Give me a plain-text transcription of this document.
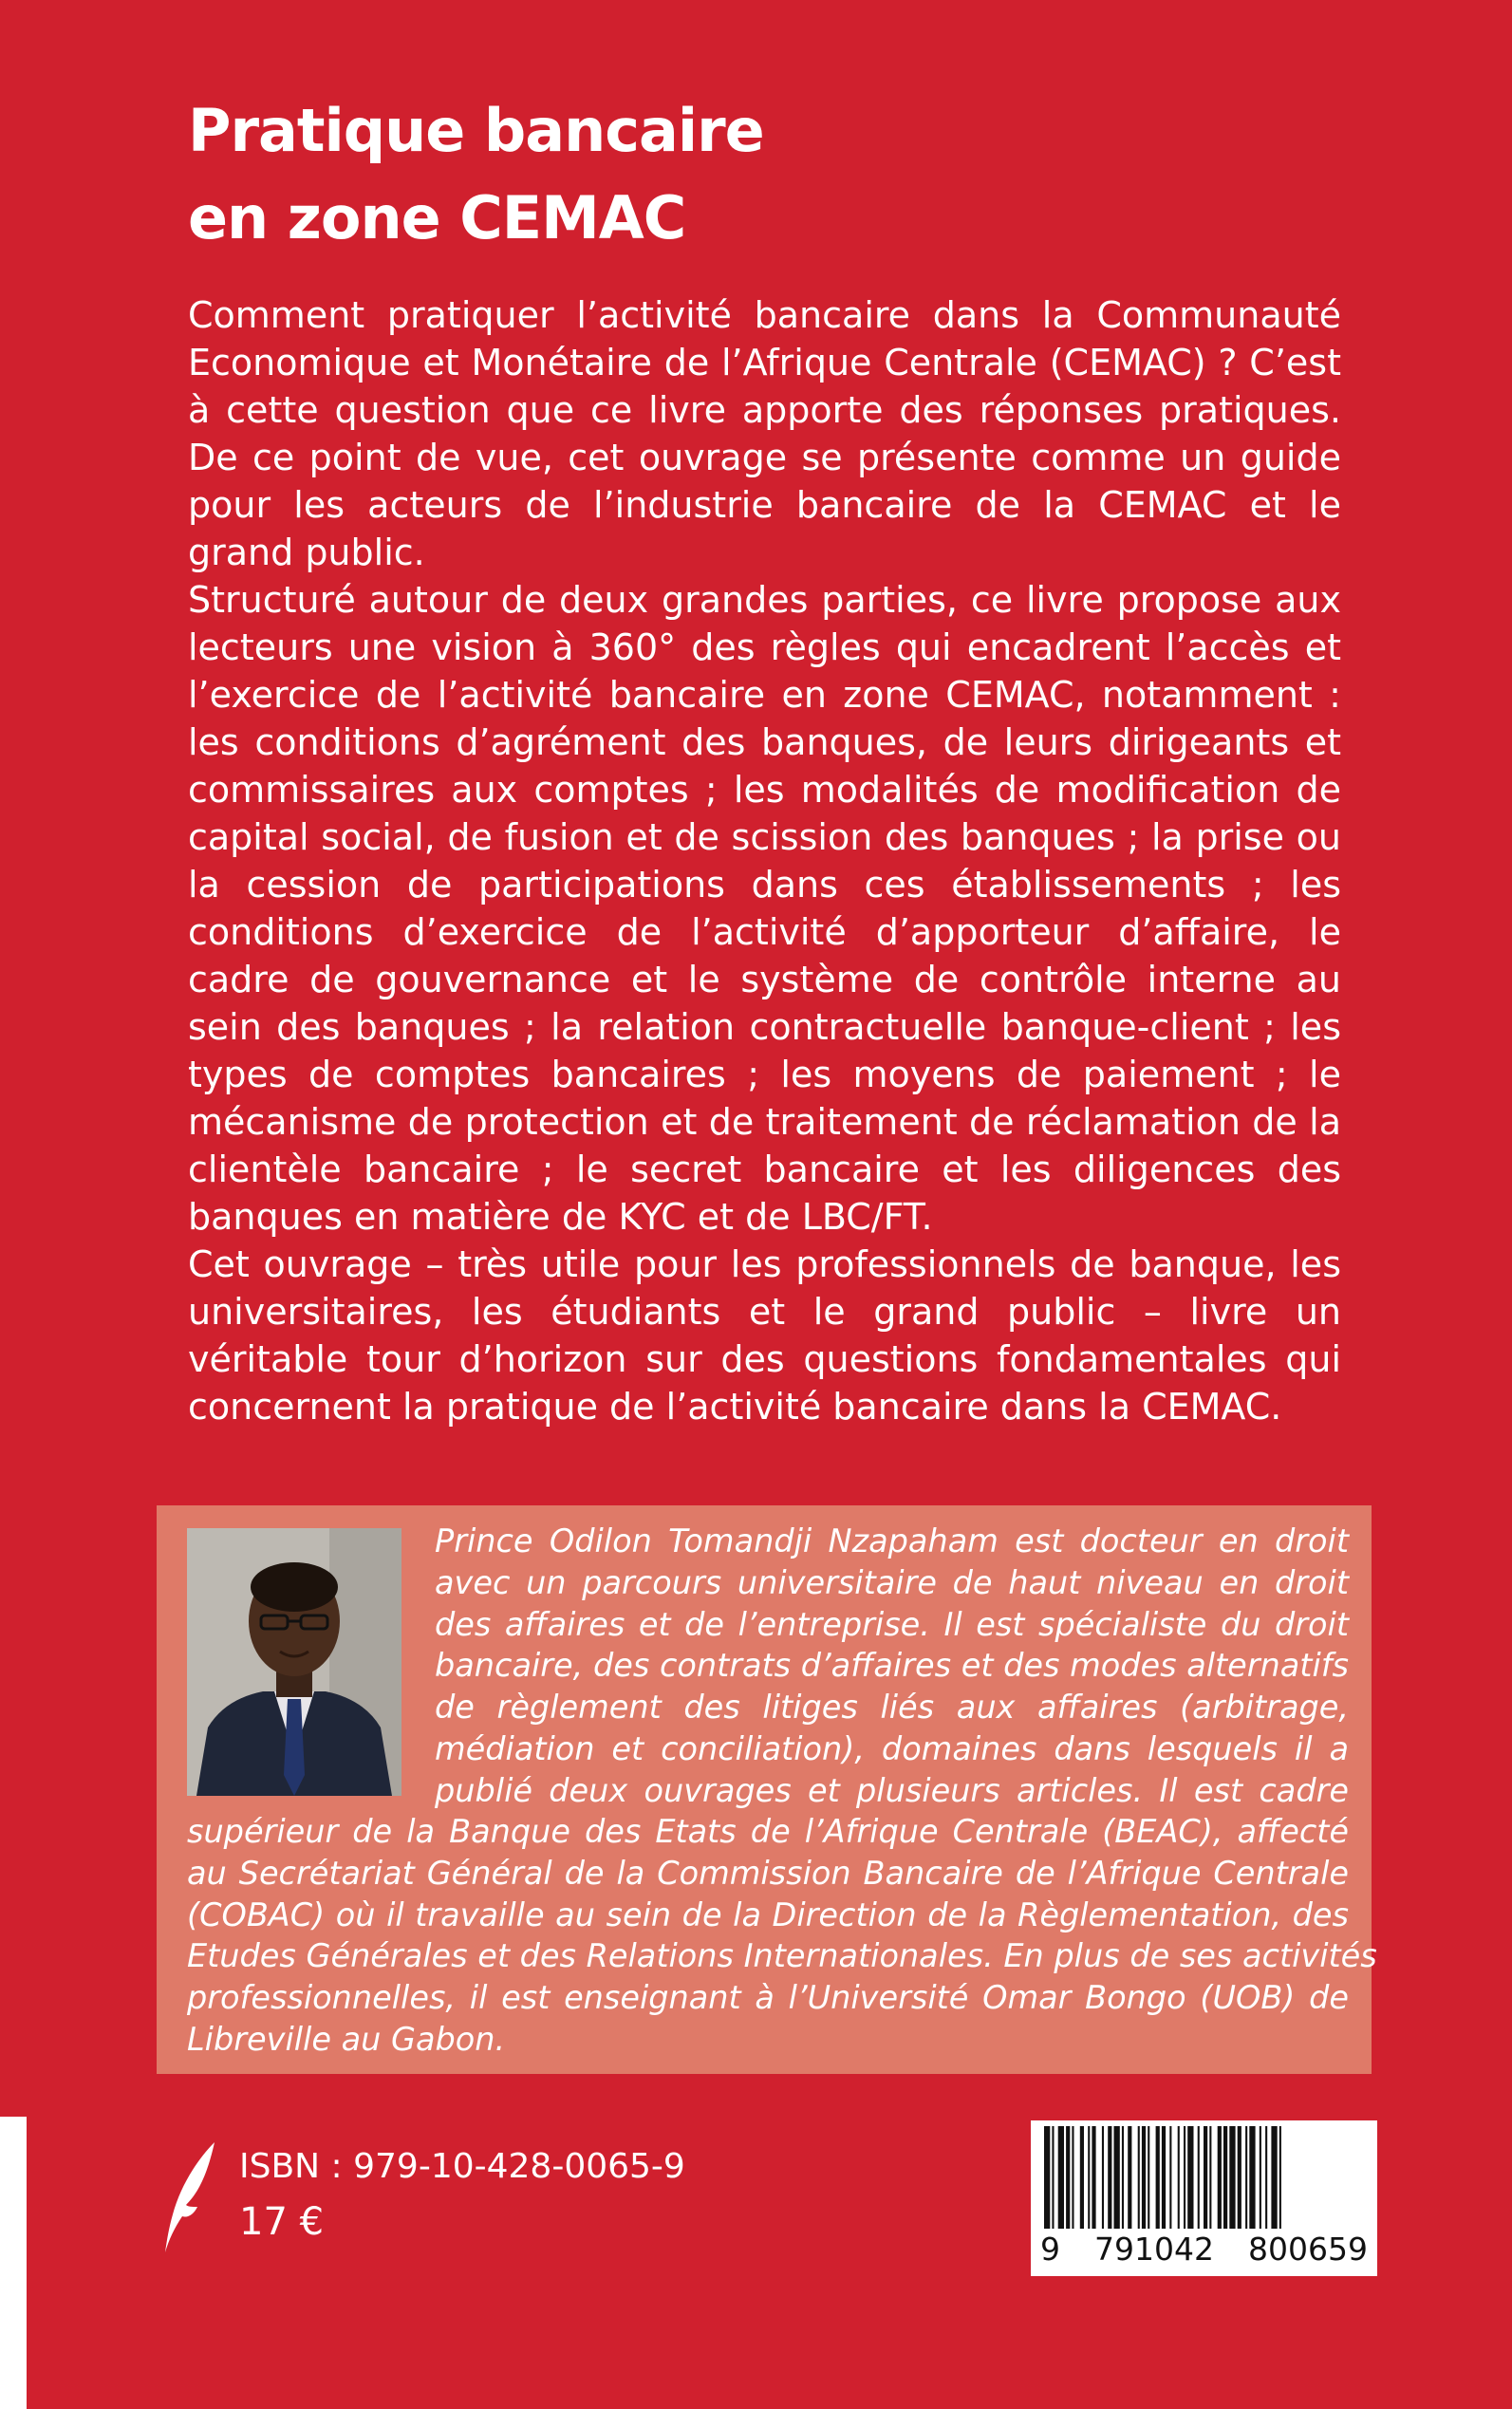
Pratique bancaire
en zone CEMAC

Comment pratiquer l’activité bancaire dans la Communauté Economique et Monétaire de l’Afrique Centrale (CEMAC) ? C’est à cette question que ce livre apporte des réponses pratiques. De ce point de vue, cet ouvrage se présente comme un guide pour les acteurs de l’industrie bancaire de la CEMAC et le grand public.

Structuré autour de deux grandes parties, ce livre propose aux lecteurs une vision à 360° des règles qui encadrent l’accès et l’exercice de l’activité bancaire en zone CEMAC, notamment : les conditions d’agrément des banques, de leurs dirigeants et commissaires aux comptes ; les modalités de modification de capital social, de fusion et de scission des banques ; la prise ou la cession de participations dans ces établissements ; les conditions d’exercice de l’activité d’apporteur d’affaire, le cadre de gouvernance et le système de contrôle interne au sein des banques ; la relation contractuelle banque-client ; les types de comptes bancaires ; les moyens de paiement ; le mécanisme de protection et de traitement de réclamation de la clientèle bancaire ; le secret bancaire et les diligences des banques en matière de KYC et de LBC/FT.

Cet ouvrage – très utile pour les professionnels de banque, les universitaires, les étudiants et le grand public – livre un véritable tour d’horizon sur des questions fondamentales qui concernent la pratique de l’activité bancaire dans la CEMAC.

Prince Odilon Tomandji Nzapaham est docteur en droit
avec un parcours universitaire de haut niveau en droit
des affaires et de l’entreprise. Il est spécialiste du droit
bancaire, des contrats d’affaires et des modes alternatifs
de règlement des litiges liés aux affaires (arbitrage,
médiation et conciliation), domaines dans lesquels il a
publié deux ouvrages et plusieurs articles. Il est cadre
supérieur de la Banque des Etats de l’Afrique Centrale (BEAC), affecté
au Secrétariat Général de la Commission Bancaire de l’Afrique Centrale
(COBAC) où il travaille au sein de la Direction de la Règlementation, des
Etudes Générales et des Relations Internationales. En plus de ses activités
professionnelles, il est enseignant à l’Université Omar Bongo (UOB) de
Libreville au Gabon.
ISBN : 979-10-428-0065-9
17 €
9 791042 800659
